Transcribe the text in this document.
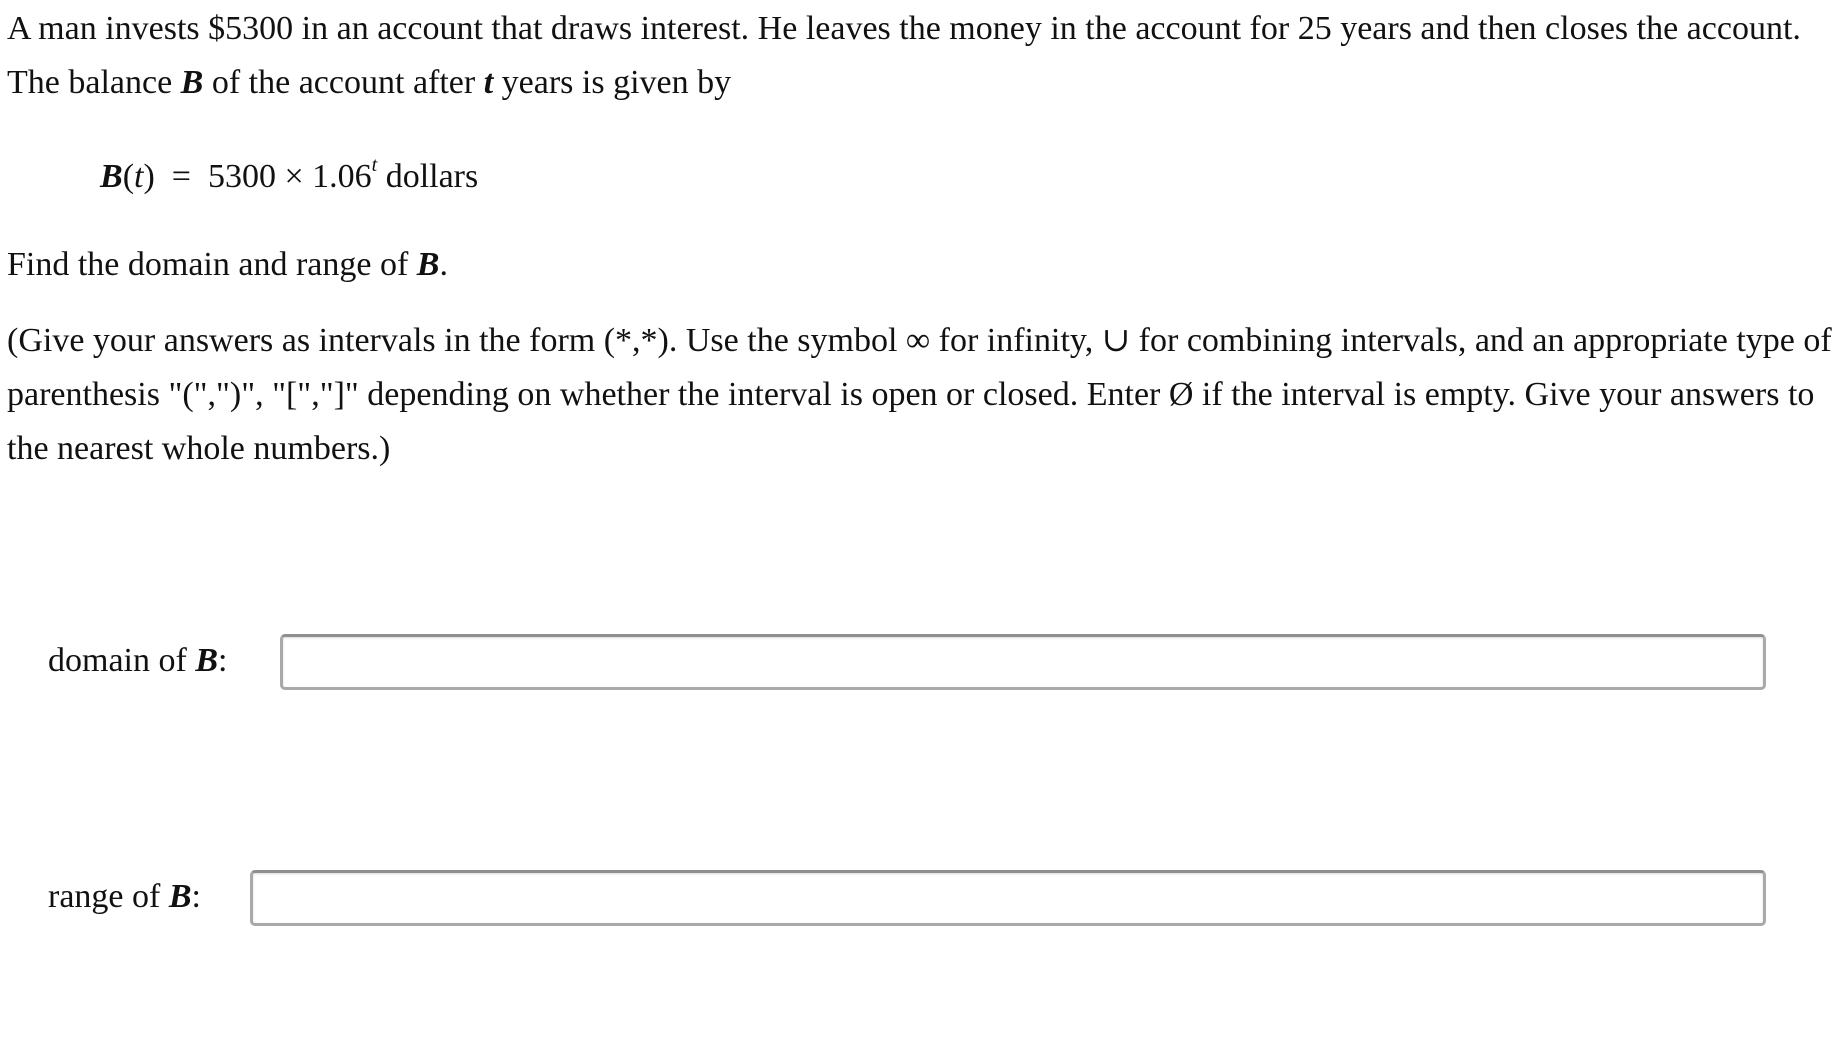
A man invests $5300 in an account that draws interest. He leaves the money in the account for 25 years and then closes the account. The balance B of the account after t years is given by

$B(t) = 5300 \times 1.06^t$ dollars

Find the domain and range of B.

(Give your answers as intervals in the form (*,*). Use the symbol ∞ for infinity, ∪ for combining intervals, and an appropriate type of parenthesis "(",")", "[","]" depending on whether the interval is open or closed. Enter Ø if the interval is empty. Give your answers to the nearest whole numbers.)

domain of B:
range of B:
